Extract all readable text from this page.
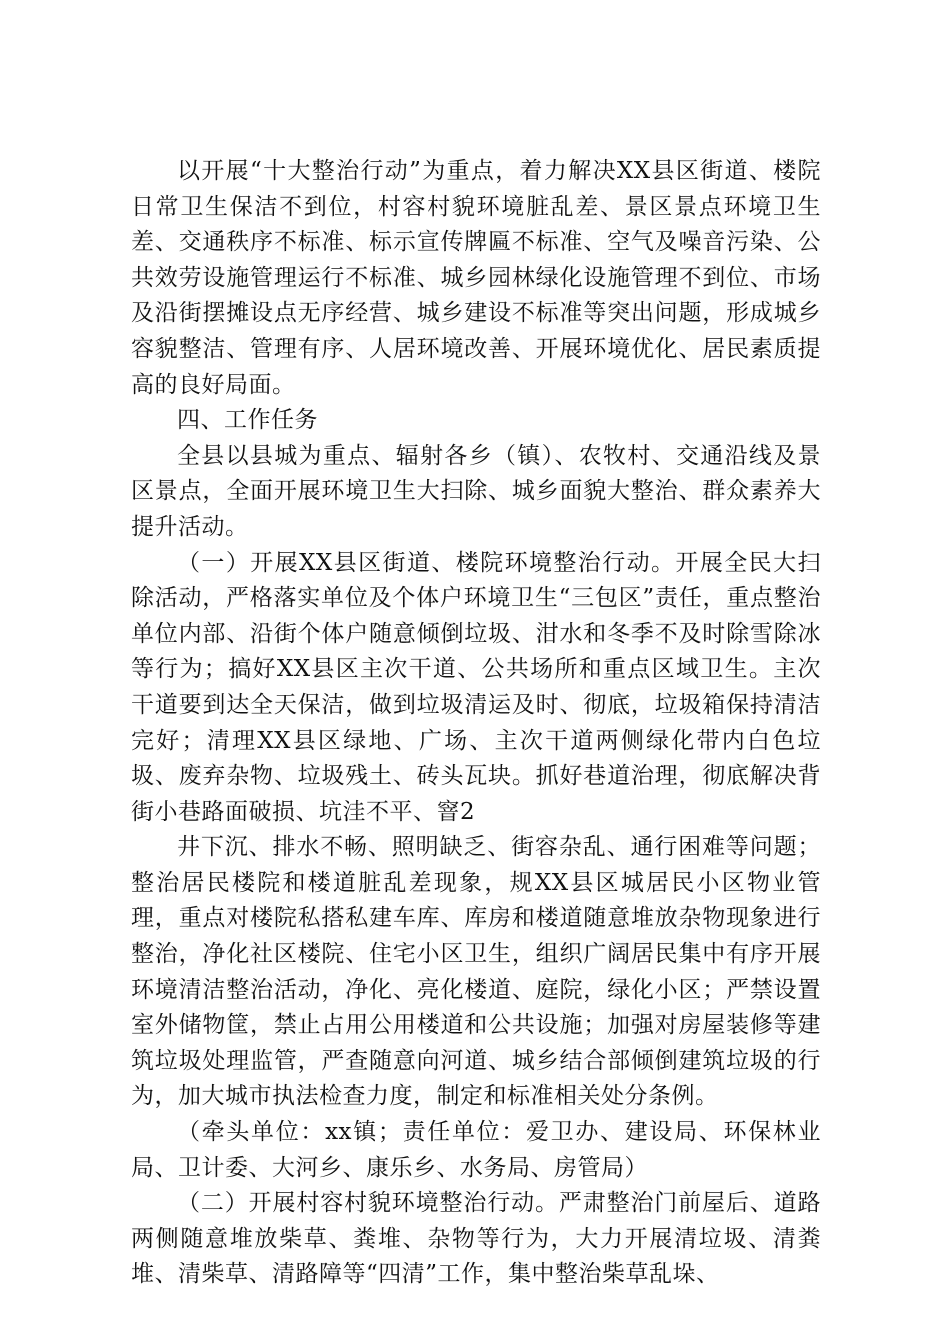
以开展“十大整治行动”为重点，着力解决XX县区街道、楼院日常卫生保洁不到位，村容村貌环境脏乱差、景区景点环境卫生差、交通秩序不标准、标示宣传牌匾不标准、空气及噪音污染、公共效劳设施管理运行不标准、城乡园林绿化设施管理不到位、市场及沿街摆摊设点无序经营、城乡建设不标准等突出问题，形成城乡容貌整洁、管理有序、人居环境改善、开展环境优化、居民素质提高的良好局面。

四、工作任务

全县以县城为重点、辐射各乡（镇）、农牧村、交通沿线及景区景点，全面开展环境卫生大扫除、城乡面貌大整治、群众素养大提升活动。

（一）开展XX县区街道、楼院环境整治行动。开展全民大扫除活动，严格落实单位及个体户环境卫生“三包区”责任，重点整治单位内部、沿街个体户随意倾倒垃圾、泔水和冬季不及时除雪除冰等行为；搞好XX县区主次干道、公共场所和重点区域卫生。主次干道要到达全天保洁，做到垃圾清运及时、彻底，垃圾箱保持清洁完好；清理XX县区绿地、广场、主次干道两侧绿化带内白色垃圾、废弃杂物、垃圾残土、砖头瓦块。抓好巷道治理，彻底解决背街小巷路面破损、坑洼不平、窨2

井下沉、排水不畅、照明缺乏、街容杂乱、通行困难等问题；整治居民楼院和楼道脏乱差现象，规XX县区城居民小区物业管理，重点对楼院私搭私建车库、库房和楼道随意堆放杂物现象进行整治，净化社区楼院、住宅小区卫生，组织广阔居民集中有序开展环境清洁整治活动，净化、亮化楼道、庭院，绿化小区；严禁设置室外储物筐，禁止占用公用楼道和公共设施；加强对房屋装修等建筑垃圾处理监管，严查随意向河道、城乡结合部倾倒建筑垃圾的行为，加大城市执法检查力度，制定和标准相关处分条例。

（牵头单位：xx镇；责任单位：爱卫办、建设局、环保林业局、卫计委、大河乡、康乐乡、水务局、房管局）

（二）开展村容村貌环境整治行动。严肃整治门前屋后、道路两侧随意堆放柴草、粪堆、杂物等行为，大力开展清垃圾、清粪堆、清柴草、清路障等“四清”工作，集中整治柴草乱垛、
